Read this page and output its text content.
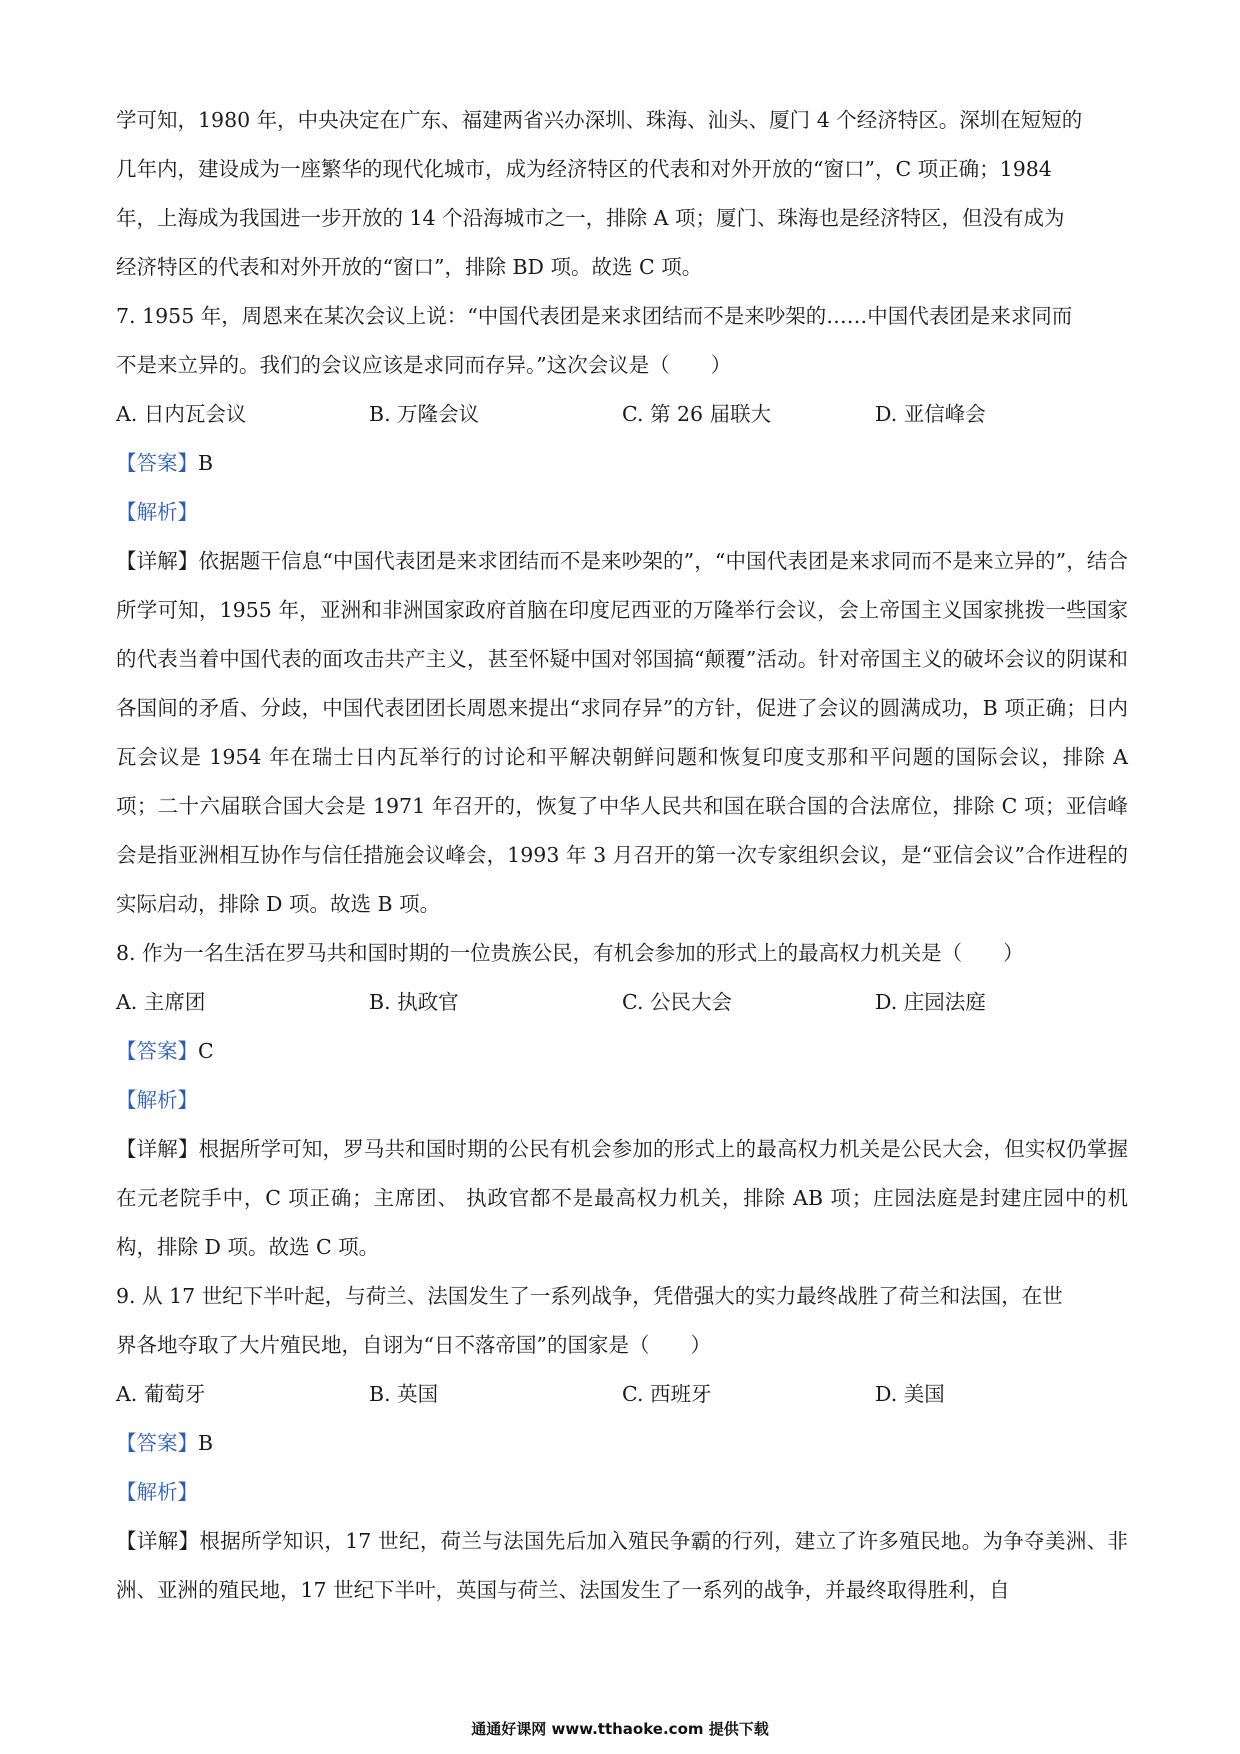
学可知，1980 年，中央决定在广东、福建两省兴办深圳、珠海、汕头、厦门 4 个经济特区。深圳在短短的
几年内，建设成为一座繁华的现代化城市，成为经济特区的代表和对外开放的“窗口”，C 项正确；1984
年，上海成为我国进一步开放的 14 个沿海城市之一，排除 A 项；厦门、珠海也是经济特区，但没有成为
经济特区的代表和对外开放的“窗口”，排除 BD 项。故选 C 项。
7. 1955 年，周恩来在某次会议上说：“中国代表团是来求团结而不是来吵架的……中国代表团是来求同而
不是来立异的。我们的会议应该是求同而存异。”这次会议是（　　）
A. 日内瓦会议	B. 万隆会议	C. 第 26 届联大	D. 亚信峰会
【答案】B
【解析】
【详解】依据题干信息“中国代表团是来求团结而不是来吵架的”，“中国代表团是来求同而不是来立异的”，结合所学可知，1955 年，亚洲和非洲国家政府首脑在印度尼西亚的万隆举行会议，会上帝国主义国家挑拨一些国家的代表当着中国代表的面攻击共产主义，甚至怀疑中国对邻国搞“颠覆”活动。针对帝国主义的破坏会议的阴谋和各国间的矛盾、分歧，中国代表团团长周恩来提出“求同存异”的方针，促进了会议的圆满成功，B 项正确；日内瓦会议是 1954 年在瑞士日内瓦举行的讨论和平解决朝鲜问题和恢复印度支那和平问题的国际会议，排除 A 项；二十六届联合国大会是 1971 年召开的，恢复了中华人民共和国在联合国的合法席位，排除 C 项；亚信峰会是指亚洲相互协作与信任措施会议峰会，1993 年 3 月召开的第一次专家组织会议，是“亚信会议”合作进程的实际启动，排除 D 项。故选 B 项。
8. 作为一名生活在罗马共和国时期的一位贵族公民，有机会参加的形式上的最高权力机关是（　　）
A. 主席团	B. 执政官	C. 公民大会	D. 庄园法庭
【答案】C
【解析】
【详解】根据所学可知，罗马共和国时期的公民有机会参加的形式上的最高权力机关是公民大会，但实权仍掌握在元老院手中，C 项正确；主席团、 执政官都不是最高权力机关，排除 AB 项；庄园法庭是封建庄园中的机构，排除 D 项。故选 C 项。
9. 从 17 世纪下半叶起，与荷兰、法国发生了一系列战争，凭借强大的实力最终战胜了荷兰和法国，在世
界各地夺取了大片殖民地，自诩为“日不落帝国”的国家是（　　）
A. 葡萄牙	B. 英国	C. 西班牙	D. 美国
【答案】B
【解析】
【详解】根据所学知识，17 世纪，荷兰与法国先后加入殖民争霸的行列，建立了许多殖民地。为争夺美洲、非洲、亚洲的殖民地，17 世纪下半叶，英国与荷兰、法国发生了一系列的战争，并最终取得胜利，自
通通好课网 www.tthaoke.com 提供下载
